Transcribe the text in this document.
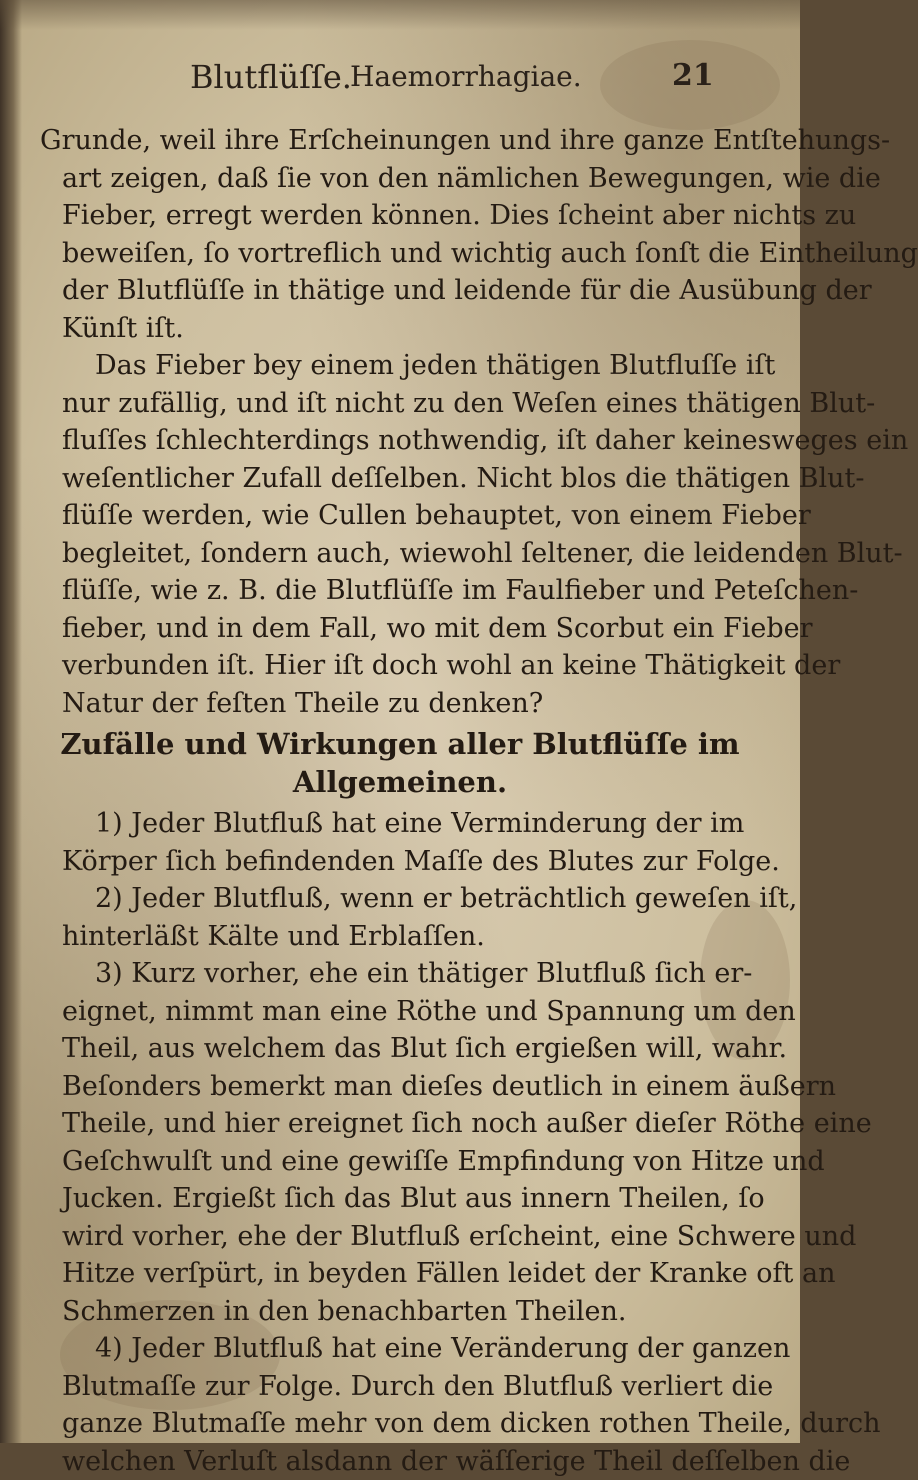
Blutflüſſe.
Haemorrhagiae.	21
Grunde, weil ihre Erſcheinungen und ihre ganze Entſtehungs-
art zeigen, daß ſie von den nämlichen Bewegungen, wie die
Fieber, erregt werden können. Dies ſcheint aber nichts zu
beweiſen, ſo vortreflich und wichtig auch ſonſt die Eintheilung
der Blutflüſſe in thätige und leidende für die Ausübung der
Künſt iſt.
Das Fieber bey einem jeden thätigen Blutfluſſe iſt
nur zufällig, und iſt nicht zu den Weſen eines thätigen Blut-
fluſſes ſchlechterdings nothwendig, iſt daher keinesweges ein
weſentlicher Zufall deſſelben. Nicht blos die thätigen Blut-
flüſſe werden, wie Cullen behauptet, von einem Fieber
begleitet, ſondern auch, wiewohl ſeltener, die leidenden Blut-
flüſſe, wie z. B. die Blutflüſſe im Faulfieber und Peteſchen-
fieber, und in dem Fall, wo mit dem Scorbut ein Fieber
verbunden iſt. Hier iſt doch wohl an keine Thätigkeit der
Natur der feſten Theile zu denken?
Zufälle und Wirkungen aller Blutflüſſe im
Allgemeinen.
1) Jeder Blutfluß hat eine Verminderung der im
Körper ſich befindenden Maſſe des Blutes zur Folge.
2) Jeder Blutfluß, wenn er beträchtlich geweſen iſt,
hinterläßt Kälte und Erblaſſen.
3) Kurz vorher, ehe ein thätiger Blutfluß ſich er-
eignet, nimmt man eine Röthe und Spannung um den
Theil, aus welchem das Blut ſich ergießen will, wahr.
Beſonders bemerkt man dieſes deutlich in einem äußern
Theile, und hier ereignet ſich noch außer dieſer Röthe eine
Geſchwulſt und eine gewiſſe Empfindung von Hitze und
Jucken. Ergießt ſich das Blut aus innern Theilen, ſo
wird vorher, ehe der Blutfluß erſcheint, eine Schwere und
Hitze verſpürt, in beyden Fällen leidet der Kranke oft an
Schmerzen in den benachbarten Theilen.
4) Jeder Blutfluß hat eine Veränderung der ganzen
Blutmaſſe zur Folge. Durch den Blutfluß verliert die
ganze Blutmaſſe mehr von dem dicken rothen Theile, durch
welchen Verluſt alsdann der wäſſerige Theil deſſelben die
